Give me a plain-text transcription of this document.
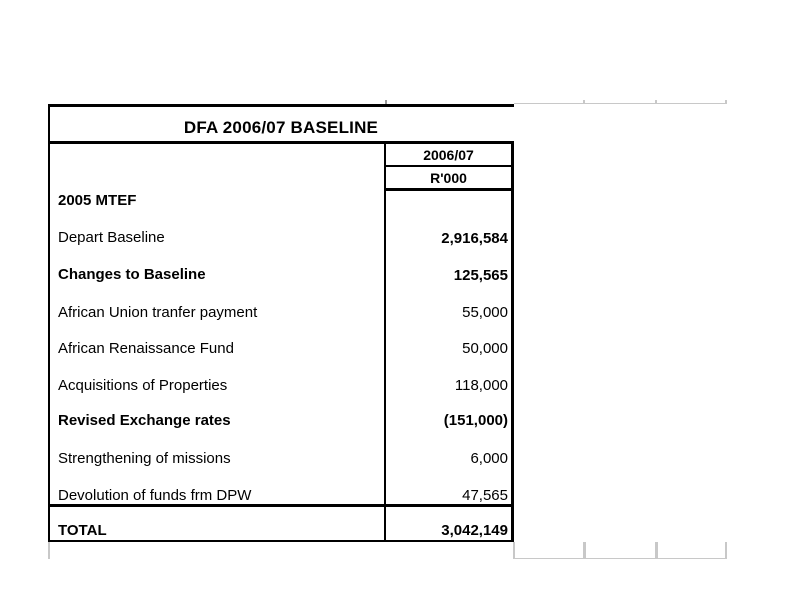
DFA 2006/07 BASELINE
2006/07
R'000
2005 MTEF
Depart Baseline	2,916,584
Changes to Baseline	125,565
African Union tranfer payment	55,000
African Renaissance Fund	50,000
Acquisitions of Properties	118,000
Revised Exchange rates	(151,000)
Strengthening of missions	6,000
Devolution of funds frm DPW	47,565
TOTAL	3,042,149
